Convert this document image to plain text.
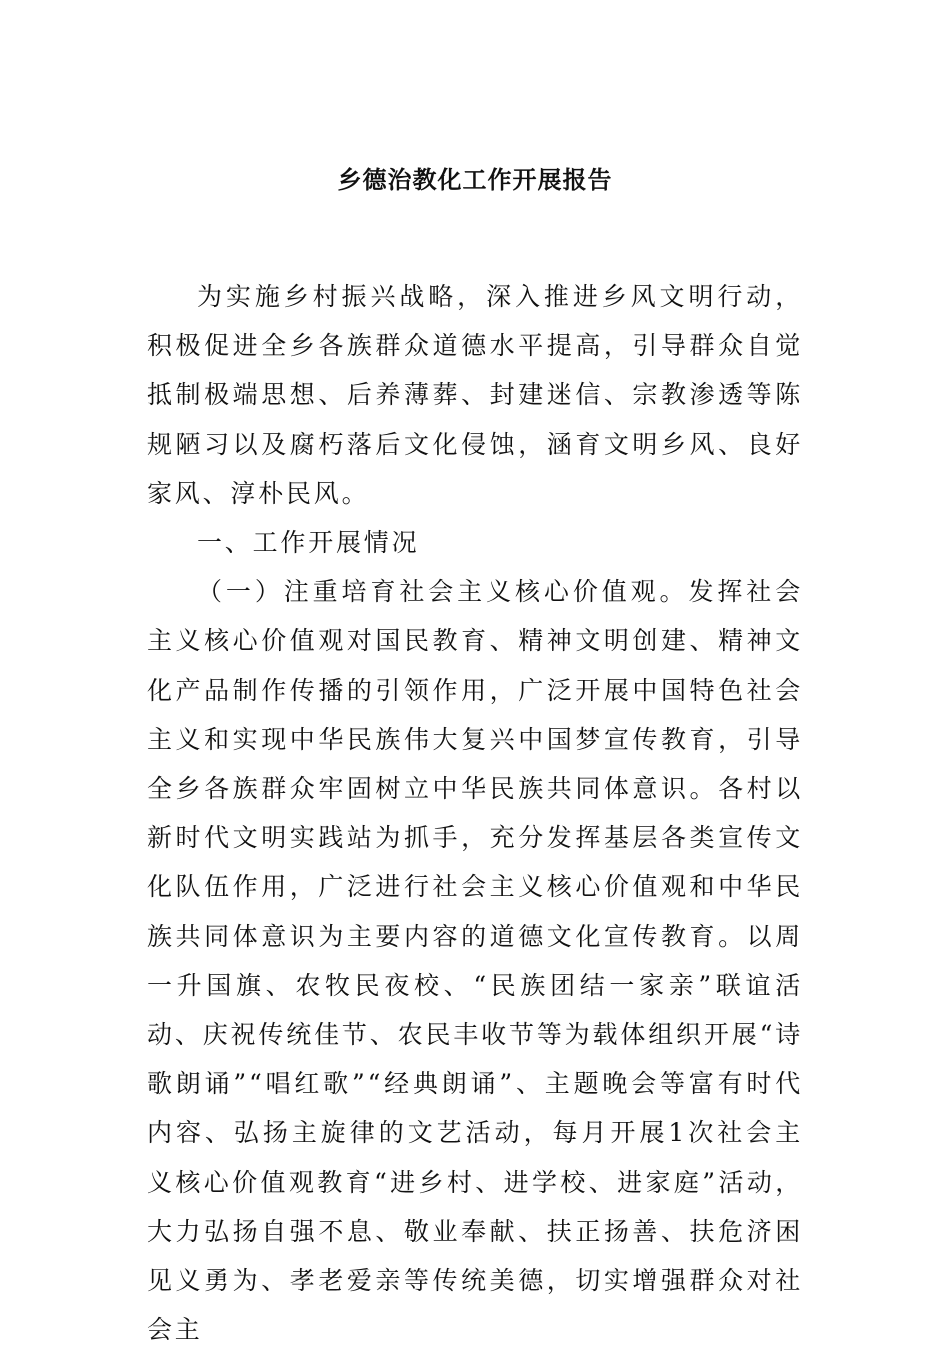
乡德治教化工作开展报告

为实施乡村振兴战略，深入推进乡风文明行动，积极促进全乡各族群众道德水平提高，引导群众自觉抵制极端思想、后养薄葬、封建迷信、宗教渗透等陈规陋习以及腐朽落后文化侵蚀，涵育文明乡风、良好家风、淳朴民风。

一、工作开展情况

（一）注重培育社会主义核心价值观。发挥社会主义核心价值观对国民教育、精神文明创建、精神文化产品制作传播的引领作用，广泛开展中国特色社会主义和实现中华民族伟大复兴中国梦宣传教育，引导全乡各族群众牢固树立中华民族共同体意识。各村以新时代文明实践站为抓手，充分发挥基层各类宣传文化队伍作用，广泛进行社会主义核心价值观和中华民族共同体意识为主要内容的道德文化宣传教育。以周一升国旗、农牧民夜校、“民族团结一家亲”联谊活动、庆祝传统佳节、农民丰收节等为载体组织开展“诗歌朗诵”“唱红歌”“经典朗诵”、主题晚会等富有时代内容、弘扬主旋律的文艺活动，每月开展1次社会主义核心价值观教育“进乡村、进学校、进家庭”活动，大力弘扬自强不息、敬业奉献、扶正扬善、扶危济困见义勇为、孝老爱亲等传统美德，切实增强群众对社会主
